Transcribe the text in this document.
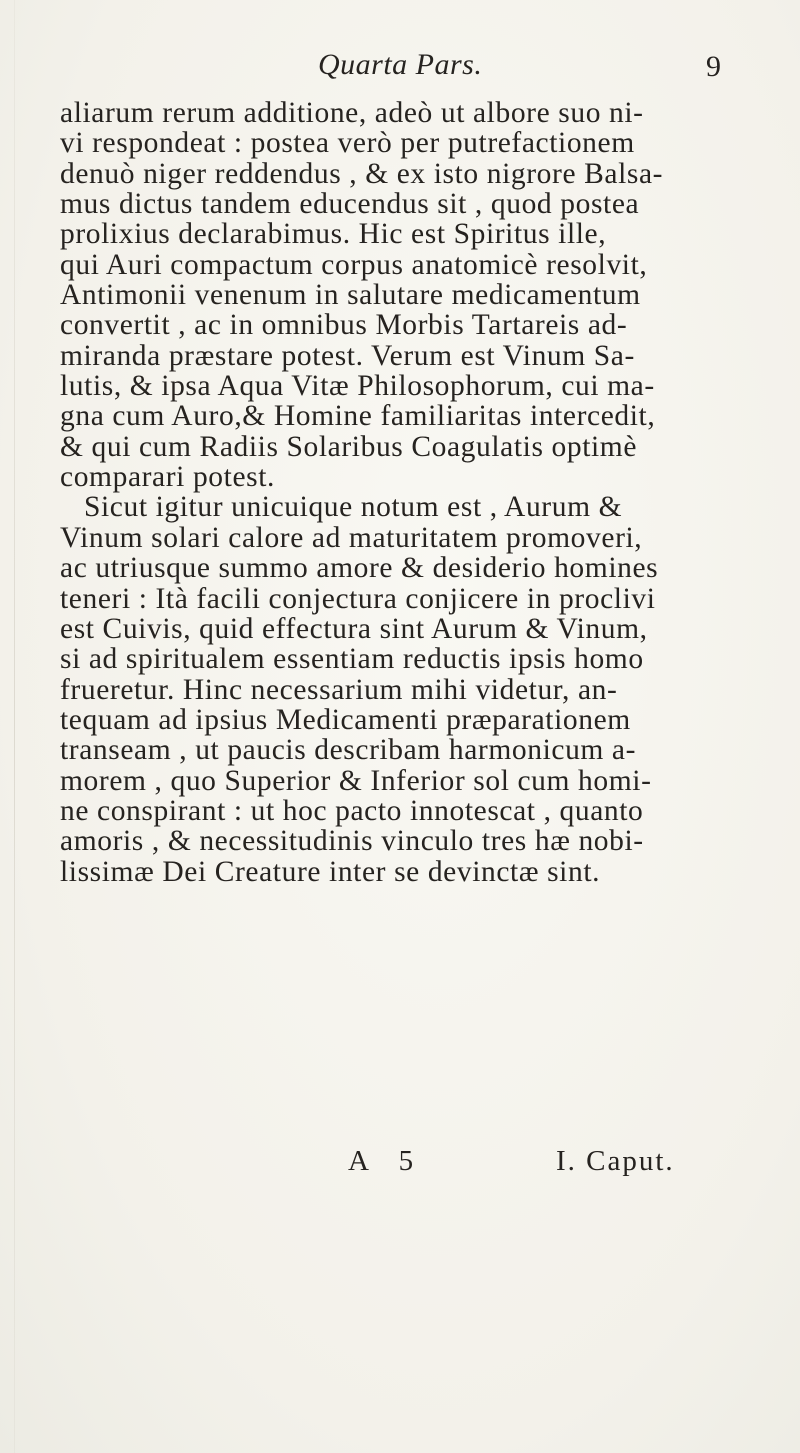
Quarta Pars.	9
aliarum rerum additione, adeò ut albore suo ni-
vi respondeat : postea verò per putrefactionem
denuò niger reddendus , & ex isto nigrore Balsa-
mus dictus tandem educendus sit , quod postea
prolixius declarabimus. Hic est Spiritus ille,
qui Auri compactum corpus anatomicè resolvit,
Antimonii venenum in salutare medicamentum
convertit , ac in omnibus Morbis Tartareis ad-
miranda præstare potest. Verum est Vinum Sa-
lutis, & ipsa Aqua Vitæ Philosophorum, cui ma-
gna cum Auro,& Homine familiaritas intercedit,
& qui cum Radiis Solaribus Coagulatis optimè
comparari potest.
Sicut igitur unicuique notum est , Aurum &
Vinum solari calore ad maturitatem promoveri,
ac utriusque summo amore & desiderio homines
teneri : Ità facili conjectura conjicere in proclivi
est Cuivis, quid effectura sint Aurum & Vinum,
si ad spiritualem essentiam reductis ipsis homo
frueretur. Hinc necessarium mihi videtur, an-
tequam ad ipsius Medicamenti præparationem
transeam , ut paucis describam harmonicum a-
morem , quo Superior & Inferior sol cum homi-
ne conspirant : ut hoc pacto innotescat , quanto
amoris , & necessitudinis vinculo tres hæ nobi-
lissimæ Dei Creature inter se devinctæ sint.
A 5	I. Caput.
